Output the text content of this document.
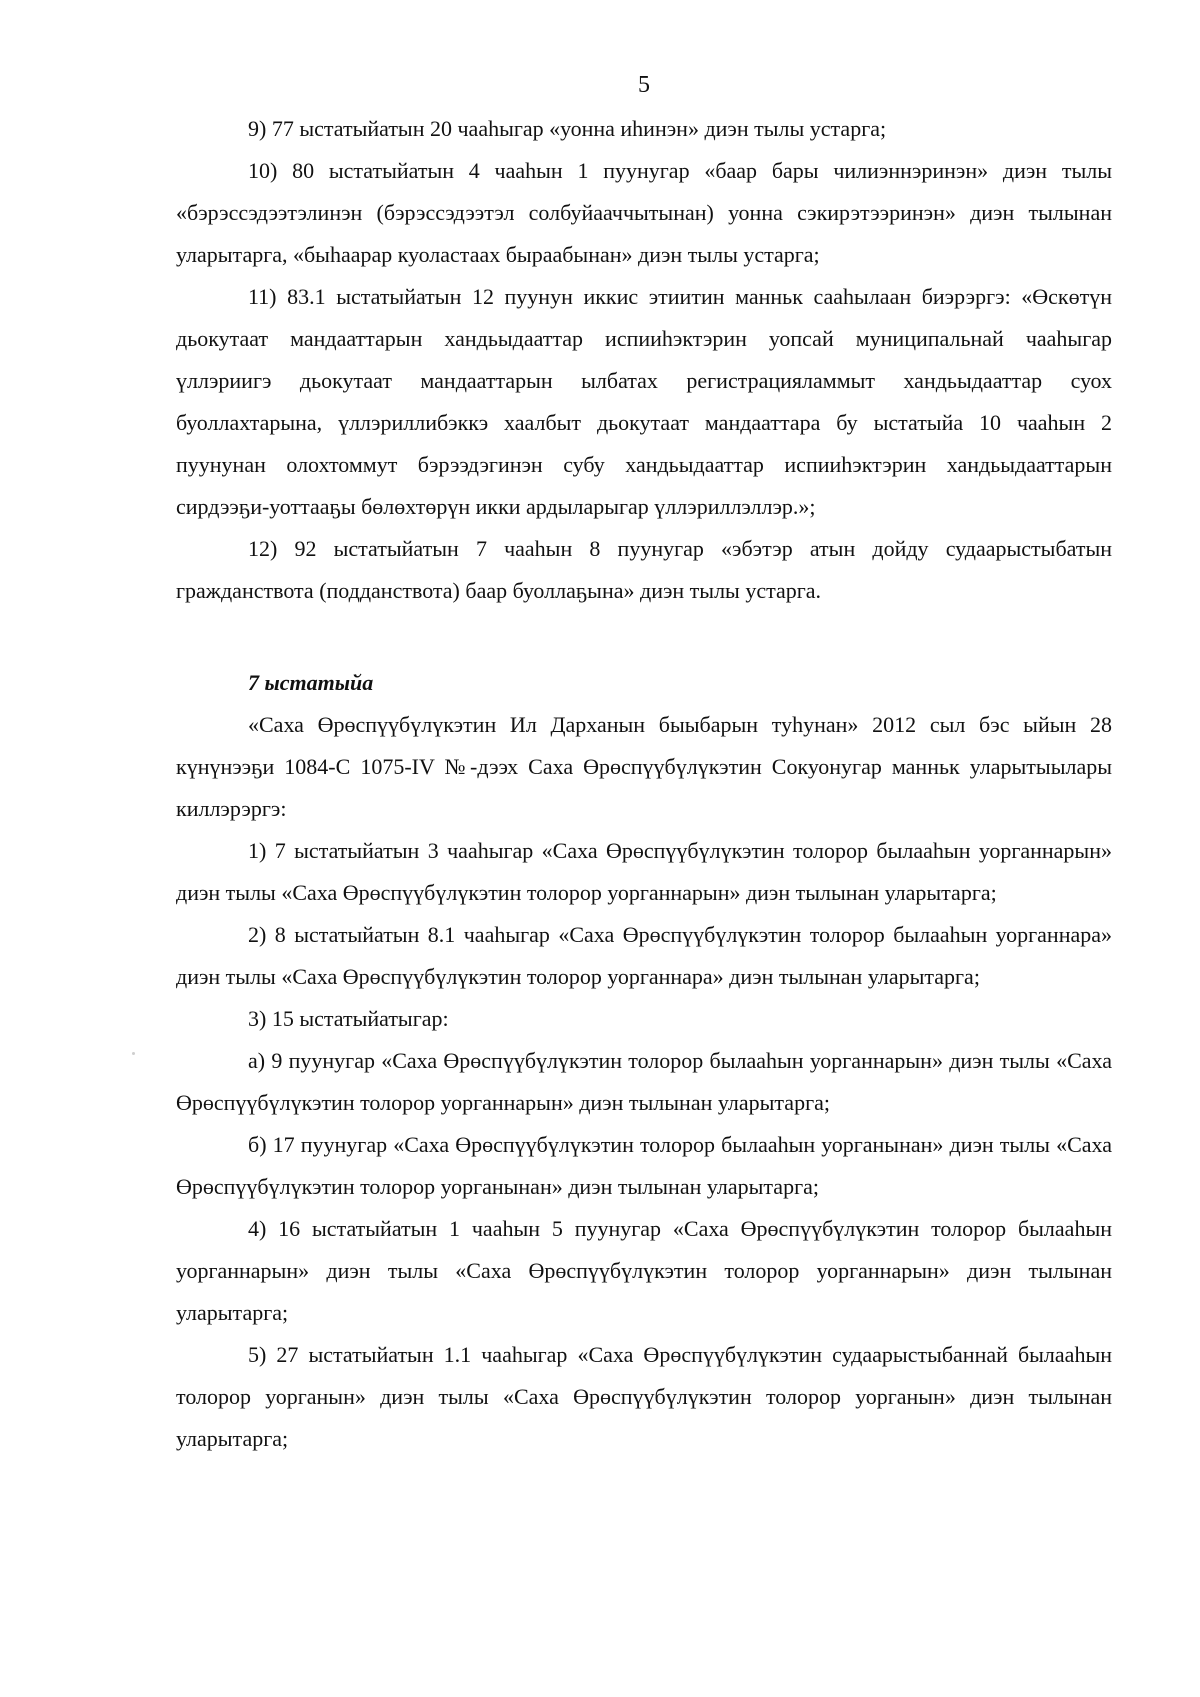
5

9) 77 ыстатыйатын 20 чааһыгар «уонна иһинэн» диэн тылы устарга;

10) 80 ыстатыйатын 4 чааһын 1 пуунугар «баар бары чилиэннэринэн» диэн тылы «бэрэссэдээтэлинэн (бэрэссэдээтэл солбуйааччытынан) уонна сэкирэтээринэн» диэн тылынан уларытарга, «быһаарар куоластаах быраабынан» диэн тылы устарга;

11) 83.1 ыстатыйатын 12 пуунун иккис этиитин манньк сааһылаан биэрэргэ: «Өскөтүн дьокутаат мандааттарын хандьыдааттар испииһэктэрин уопсай муниципальнай чааһыгар үллэриигэ дьокутаат мандааттарын ылбатах регистрацияламмыт хандьыдааттар суох буоллахтарына, үллэриллибэккэ хаалбыт дьокутаат мандааттара бу ыстатыйа 10 чааһын 2 пуунунан олохтоммут бэрээдэгинэн субу хандьыдааттар испииһэктэрин хандьыдааттарын сирдээҕи-уоттааҕы бөлөхтөрүн икки ардыларыгар үллэриллэллэр.»;

12) 92 ыстатыйатын 7 чааһын 8 пуунугар «эбэтэр атын дойду судаарыстыбатын гражданствота (подданствота) баар буоллаҕына» диэн тылы устарга.

7 ыстатыйа

«Саха Өрөспүүбүлүкэтин Ил Дарханын быыбарын туһунан» 2012 сыл бэс ыйын 28 күнүнээҕи 1084-С 1075-IV №-дээх Саха Өрөспүүбүлүкэтин Сокуонугар манньк уларытыылары киллэрэргэ:

1) 7 ыстатыйатын 3 чааһыгар «Саха Өрөспүүбүлүкэтин толорор былааһын уорганнарын» диэн тылы «Саха Өрөспүүбүлүкэтин толорор уорганнарын» диэн тылынан уларытарга;

2) 8 ыстатыйатын 8.1 чааһыгар «Саха Өрөспүүбүлүкэтин толорор былааһын уорганнара» диэн тылы «Саха Өрөспүүбүлүкэтин толорор уорганнара» диэн тылынан уларытарга;

3) 15 ыстатыйатыгар:

а) 9 пуунугар «Саха Өрөспүүбүлүкэтин толорор былааһын уорганнарын» диэн тылы «Саха Өрөспүүбүлүкэтин толорор уорганнарын» диэн тылынан уларытарга;

б) 17 пуунугар «Саха Өрөспүүбүлүкэтин толорор былааһын уорганынан» диэн тылы «Саха Өрөспүүбүлүкэтин толорор уорганынан» диэн тылынан уларытарга;

4) 16 ыстатыйатын 1 чааһын 5 пуунугар «Саха Өрөспүүбүлүкэтин толорор былааһын уорганнарын» диэн тылы «Саха Өрөспүүбүлүкэтин толорор уорганнарын» диэн тылынан уларытарга;

5) 27 ыстатыйатын 1.1 чааһыгар «Саха Өрөспүүбүлүкэтин судаарыстыбаннай былааһын толорор уорганын» диэн тылы «Саха Өрөспүүбүлүкэтин толорор уорганын» диэн тылынан уларытарга;
